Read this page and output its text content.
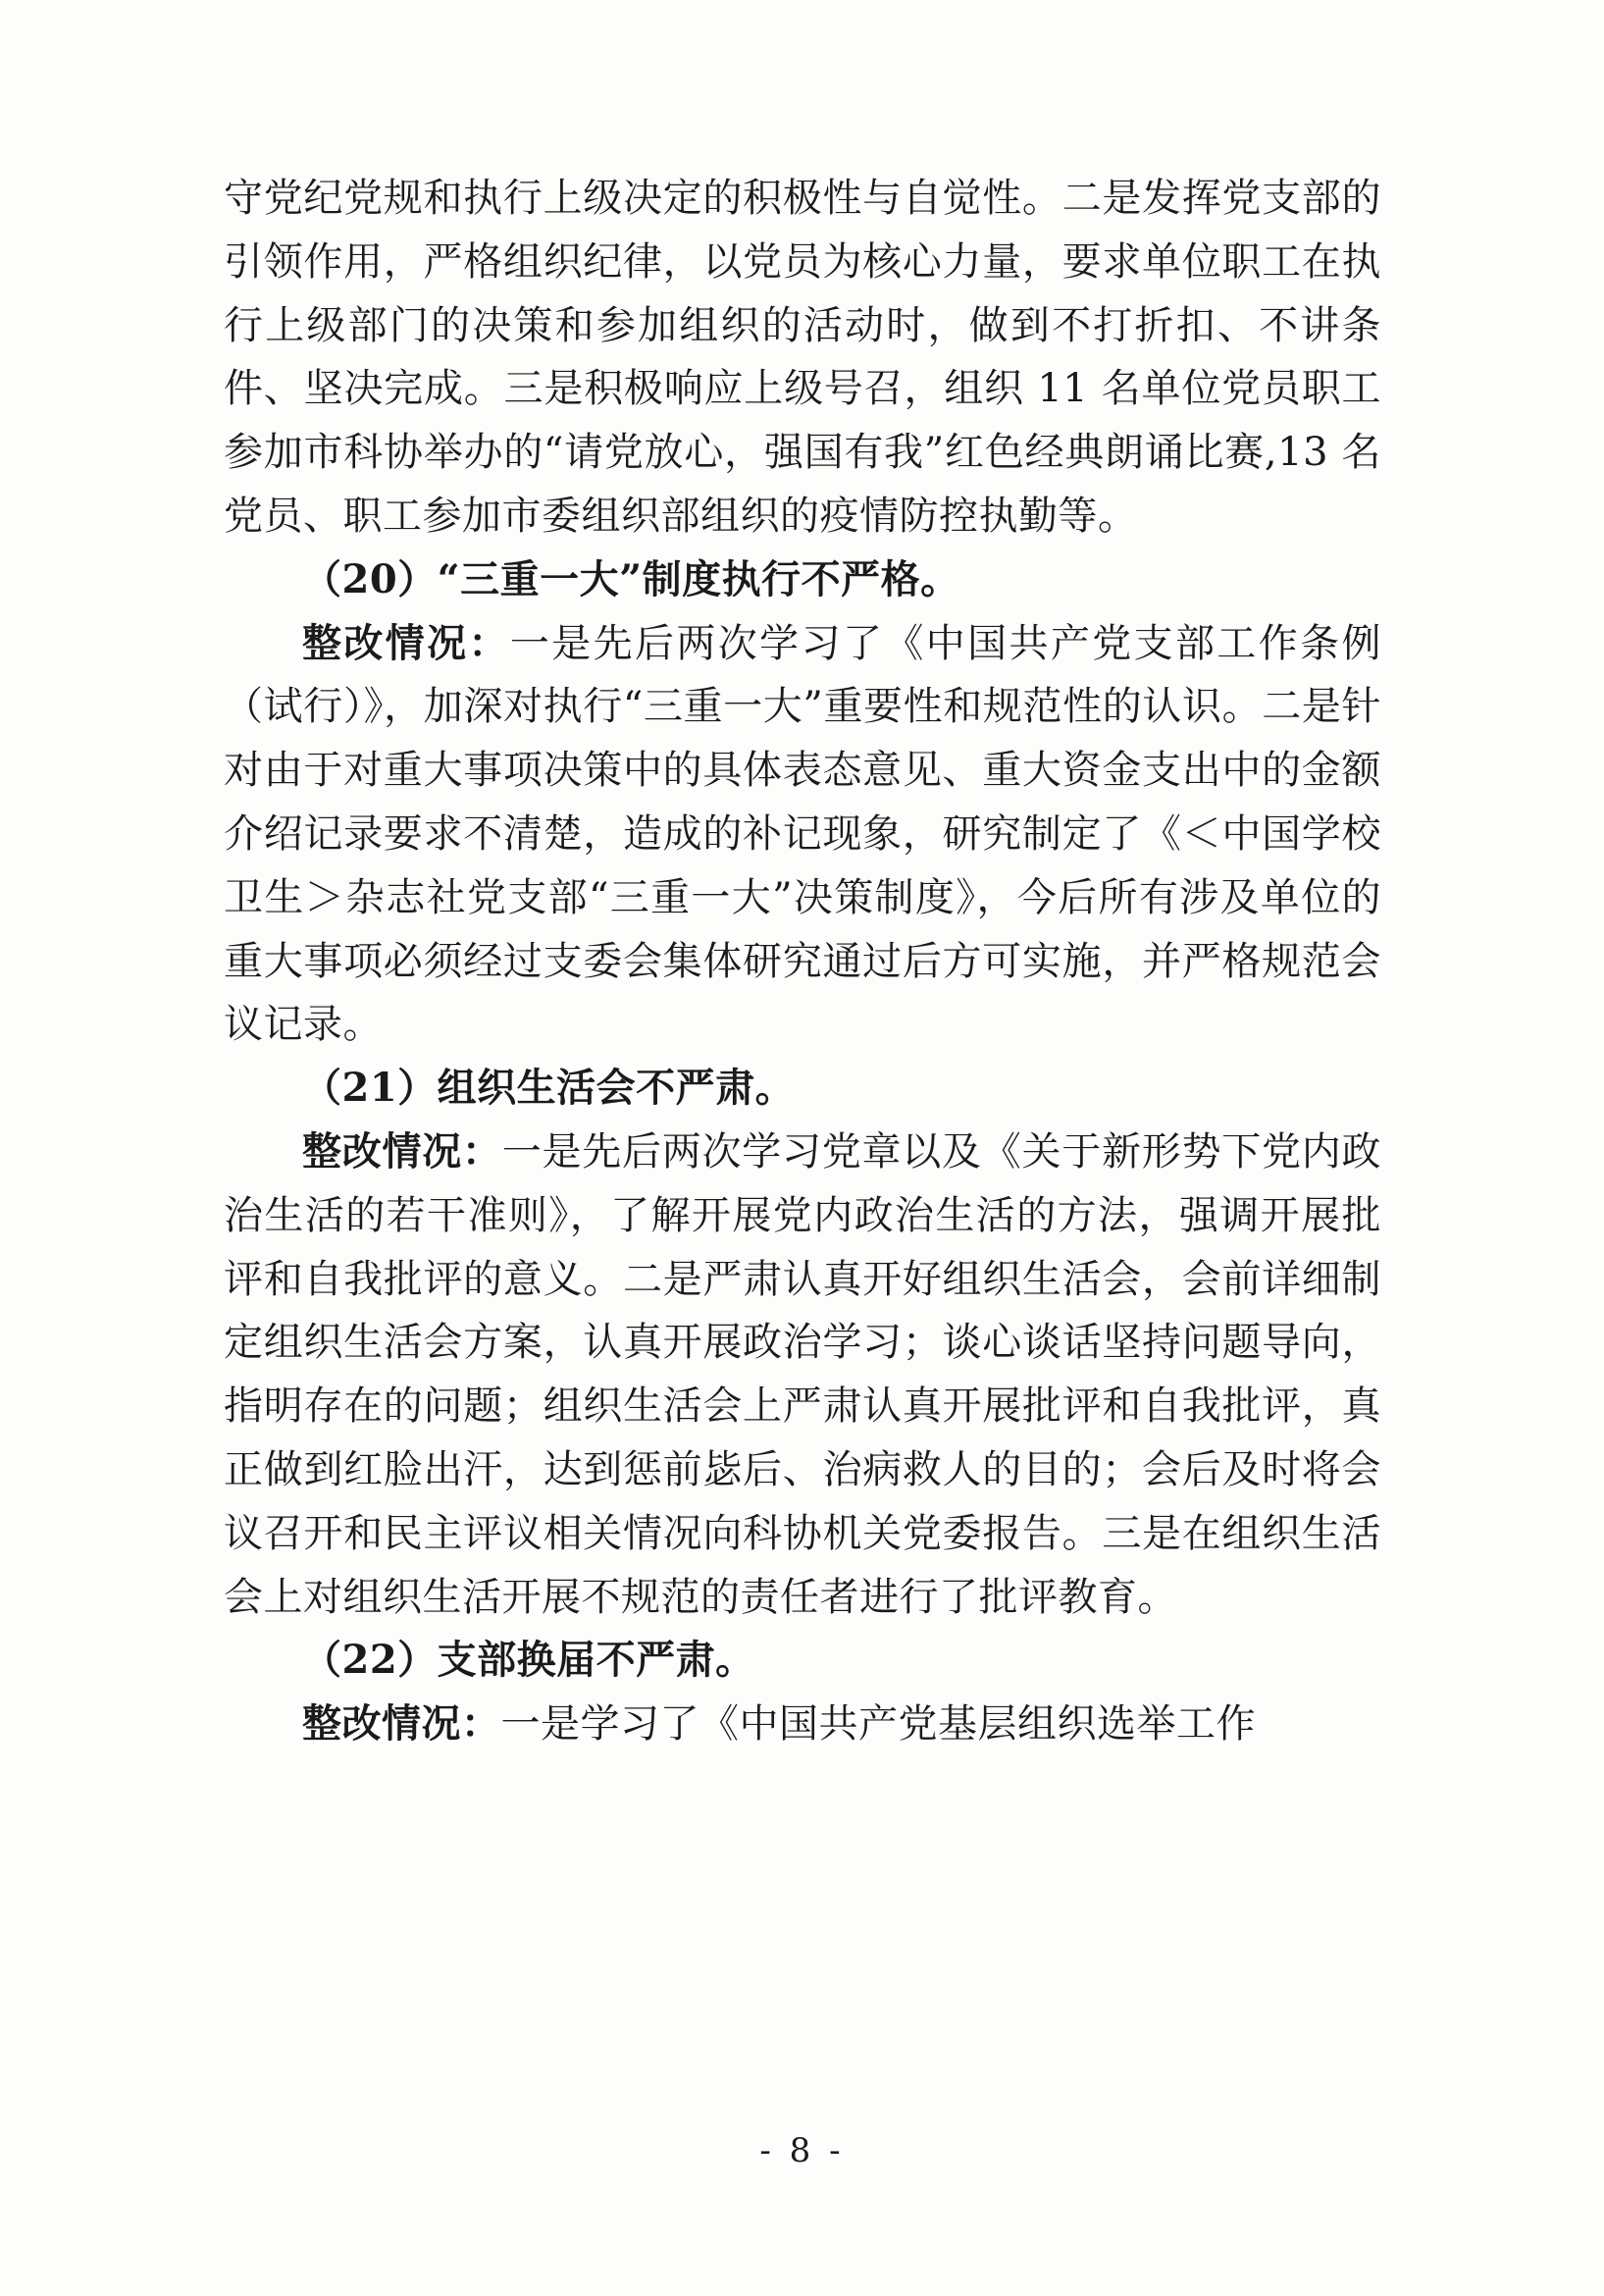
守党纪党规和执行上级决定的积极性与自觉性。二是发挥党支部的引领作用，严格组织纪律，以党员为核心力量，要求单位职工在执行上级部门的决策和参加组织的活动时，做到不打折扣、不讲条件、坚决完成。三是积极响应上级号召，组织 11 名单位党员职工参加市科协举办的“请党放心，强国有我”红色经典朗诵比赛,13 名党员、职工参加市委组织部组织的疫情防控执勤等。

（20）“三重一大”制度执行不严格。

整改情况：一是先后两次学习了《中国共产党支部工作条例（试行）》，加深对执行“三重一大”重要性和规范性的认识。二是针对由于对重大事项决策中的具体表态意见、重大资金支出中的金额介绍记录要求不清楚，造成的补记现象，研究制定了《＜中国学校卫生＞杂志社党支部“三重一大”决策制度》，今后所有涉及单位的重大事项必须经过支委会集体研究通过后方可实施，并严格规范会议记录。

（21）组织生活会不严肃。

整改情况：一是先后两次学习党章以及《关于新形势下党内政治生活的若干准则》，了解开展党内政治生活的方法，强调开展批评和自我批评的意义。二是严肃认真开好组织生活会，会前详细制定组织生活会方案，认真开展政治学习；谈心谈话坚持问题导向，指明存在的问题；组织生活会上严肃认真开展批评和自我批评，真正做到红脸出汗，达到惩前毖后、治病救人的目的；会后及时将会议召开和民主评议相关情况向科协机关党委报告。三是在组织生活会上对组织生活开展不规范的责任者进行了批评教育。

（22）支部换届不严肃。

整改情况：一是学习了《中国共产党基层组织选举工作

- 8 -
